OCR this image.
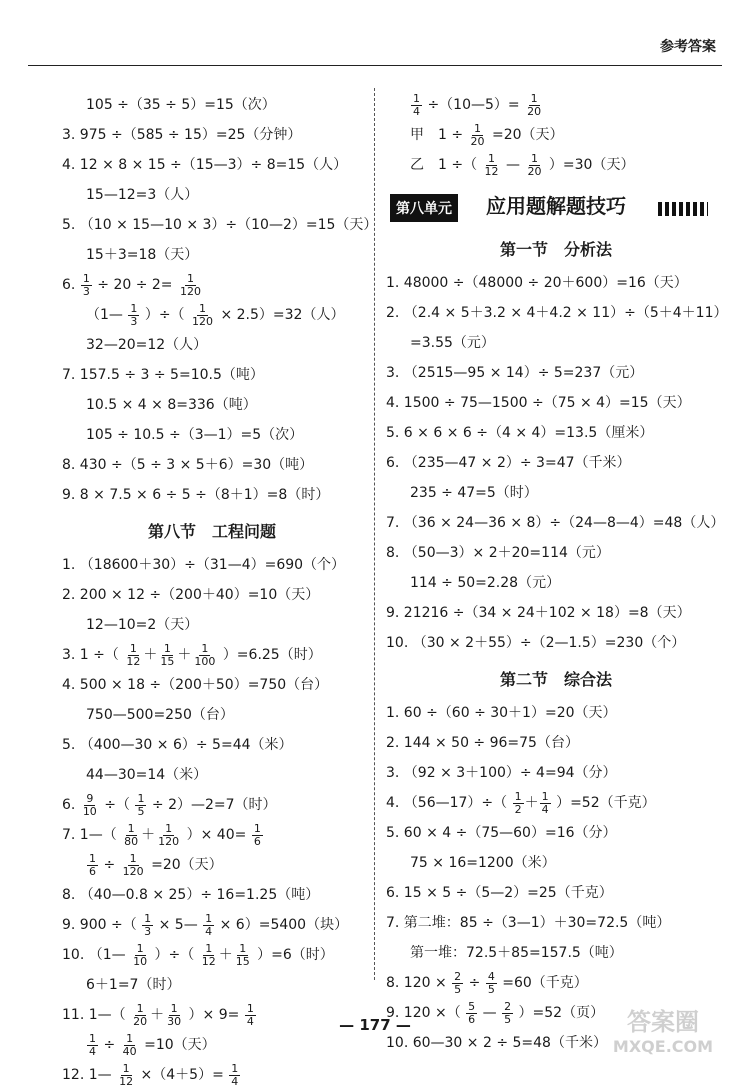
参考答案
105 ÷（35 ÷ 5）=15（次）
3. 975 ÷（585 ÷ 15）=25（分钟）
4. 12 × 8 × 15 ÷（15—3）÷ 8=15（人）
15—12=3（人）
5. （10 × 15—10 × 3）÷（10—2）=15（天）
15＋3=18（天）
6. $\frac{1}{3} \div 20 \div 2= \frac{1}{120}$
（1— $\frac{1}{3}$ ）÷（ $\frac{1}{120} \times 2.5)=32$（人）
32—20=12（人）
7. 157.5 ÷ 3 ÷ 5=10.5（吨）
10.5 × 4 × 8=336（吨）
105 ÷ 10.5 ÷（3—1）=5（次）
8. 430 ÷（5 ÷ 3 × 5＋6）=30（吨）
9. 8 × 7.5 × 6 ÷ 5 ÷（8＋1）=8（时）
第八节　工程问题
1. （18600＋30）÷（31—4）=690（个）
2. 200 × 12 ÷（200＋40）=10（天）
12—10=2（天）
3. 1 ÷（ $\frac{1}{12} + \frac{1}{15} + \frac{1}{100} )=6.25$（时）
4. 500 × 18 ÷（200＋50）=750（台）
750—500=250（台）
5. （400—30 × 6）÷ 5=44（米）
44—30=14（米）
6. $\frac{9}{10}$ ÷（ $\frac{1}{5}$ ÷ 2）—2=7（时）
7. 1—（ $\frac{1}{80} + \frac{1}{120}$ ）× $40= \frac{1}{6}$
$\frac{1}{6} \div \frac{1}{120} =20$（天）
8. （40—0.8 × 25）÷ 16=1.25（吨）
9. 900 ÷（ $\frac{1}{3}$ × 5— $\frac{1}{4} \times 6)=5400$（块）
10. （1— $\frac{1}{10}$ ）÷（ $\frac{1}{12} + \frac{1}{15} )=6$（时）
6＋1=7（时）
11. 1—（ $\frac{1}{20} + \frac{1}{30}$ ）× $9= \frac{1}{4}$
$\frac{1}{4} \div \frac{1}{40} =10$（天）
12. 1— $\frac{1}{12} \times(4+5)= \frac{1}{4}$
$\frac{1}{4}$ ÷（10—5）= $\frac{1}{20}$
甲　$1 \div \frac{1}{20} =20$（天）
乙　1 ÷（ $\frac{1}{12}$ — $\frac{1}{20} )=30$（天）
第八单元	应用题解题技巧
第一节　分析法
1. 48000 ÷（48000 ÷ 20＋600）=16（天）
2. （2.4 × 5＋3.2 × 4＋4.2 × 11）÷（5＋4＋11）
=3.55（元）
3. （2515—95 × 14）÷ 5=237（元）
4. 1500 ÷ 75—1500 ÷（75 × 4）=15（天）
5. 6 × 6 × 6 ÷（4 × 4）=13.5（厘米）
6. （235—47 × 2）÷ 3=47（千米）
235 ÷ 47=5（时）
7. （36 × 24—36 × 8）÷（24—8—4）=48（人）
8. （50—3）× 2＋20=114（元）
114 ÷ 50=2.28（元）
9. 21216 ÷（34 × 24＋102 × 18）=8（天）
10. （30 × 2＋55）÷（2—1.5）=230（个）
第二节　综合法
1. 60 ÷（60 ÷ 30＋1）=20（天）
2. 144 × 50 ÷ 96=75（台）
3. （92 × 3＋100）÷ 4=94（分）
4. （56—17）÷（ $\frac{1}{2} + \frac{1}{4} )=52$（千克）
5. 60 × 4 ÷（75—60）=16（分）
75 × 16=1200（米）
6. 15 × 5 ÷（5—2）=25（千克）
7. 第二堆：85 ÷（3—1）＋30=72.5（吨）
第一堆：72.5＋85=157.5（吨）
8. $120 \times \frac{2}{5} \div \frac{4}{5} =60$（千克）
9. 120 ×（ $\frac{5}{6}$ — $\frac{2}{5} )=52$（页）
10. 60—30 × 2 ÷ 5=48（千米）
— 177 —	答案圈
MXQE.COM
